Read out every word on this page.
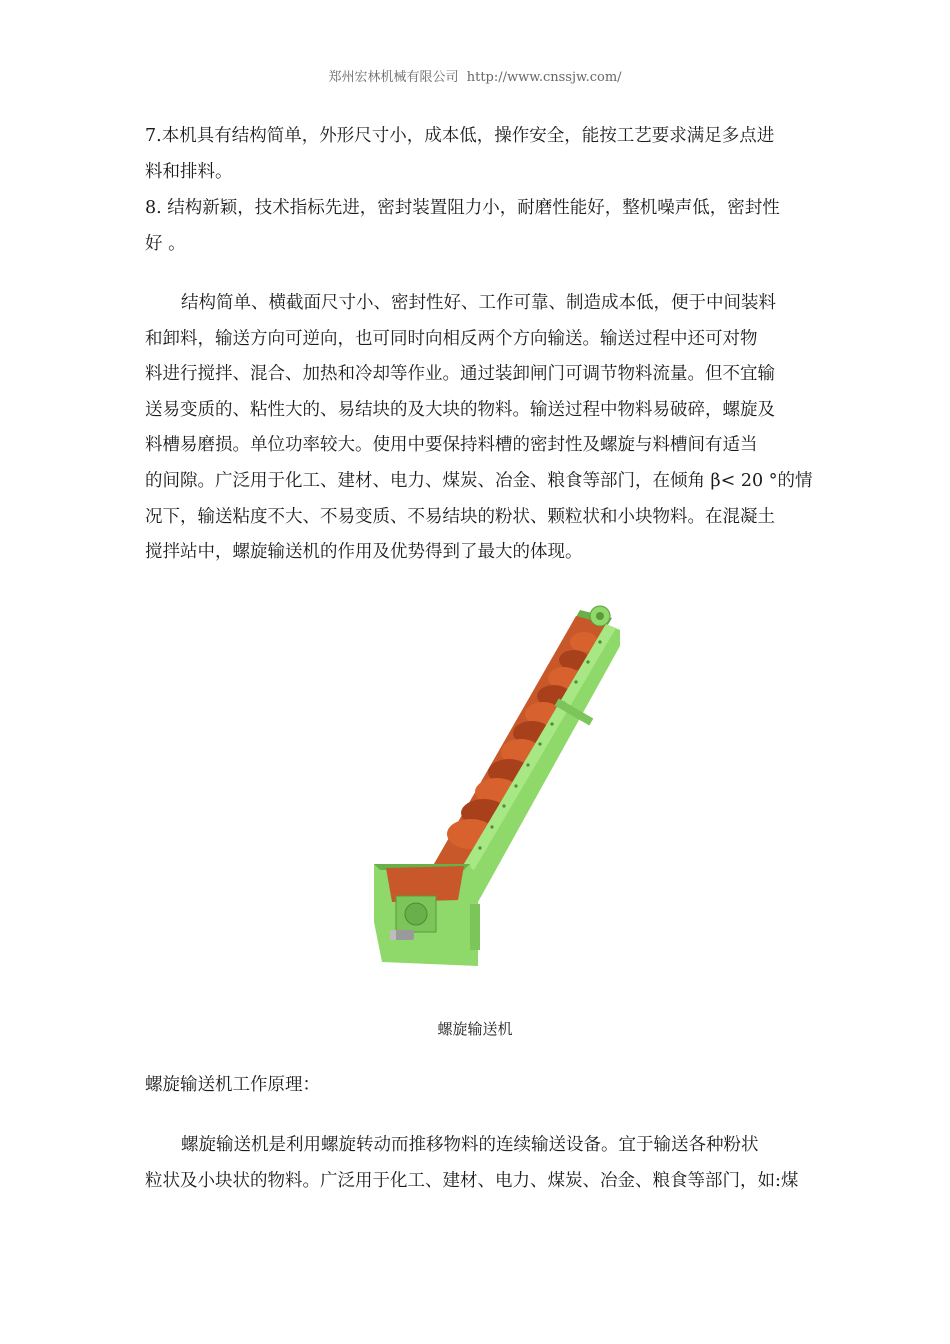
郑州宏林机械有限公司 http://www.cnssjw.com/

7.本机具有结构简单，外形尺寸小，成本低，操作安全，能按工艺要求满足多点进
料和排料。

8. 结构新颖，技术指标先进，密封装置阻力小，耐磨性能好，整机噪声低，密封性
好 。

结构简单、横截面尺寸小、密封性好、工作可靠、制造成本低，便于中间装料
和卸料，输送方向可逆向，也可同时向相反两个方向输送。输送过程中还可对物
料进行搅拌、混合、加热和冷却等作业。通过装卸闸门可调节物料流量。但不宜输
送易变质的、粘性大的、易结块的及大块的物料。输送过程中物料易破碎，螺旋及
料槽易磨损。单位功率较大。使用中要保持料槽的密封性及螺旋与料槽间有适当
的间隙。广泛用于化工、建材、电力、煤炭、冶金、粮食等部门，在倾角 β< 20 °的情
况下，输送粘度不大、不易变质、不易结块的粉状、颗粒状和小块物料。在混凝土
搅拌站中，螺旋输送机的作用及优势得到了最大的体现。

螺旋输送机

螺旋输送机工作原理：

螺旋输送机是利用螺旋转动而推移物料的连续输送设备。宜于输送各种粉状
粒状及小块状的物料。广泛用于化工、建材、电力、煤炭、冶金、粮食等部门，如:煤
